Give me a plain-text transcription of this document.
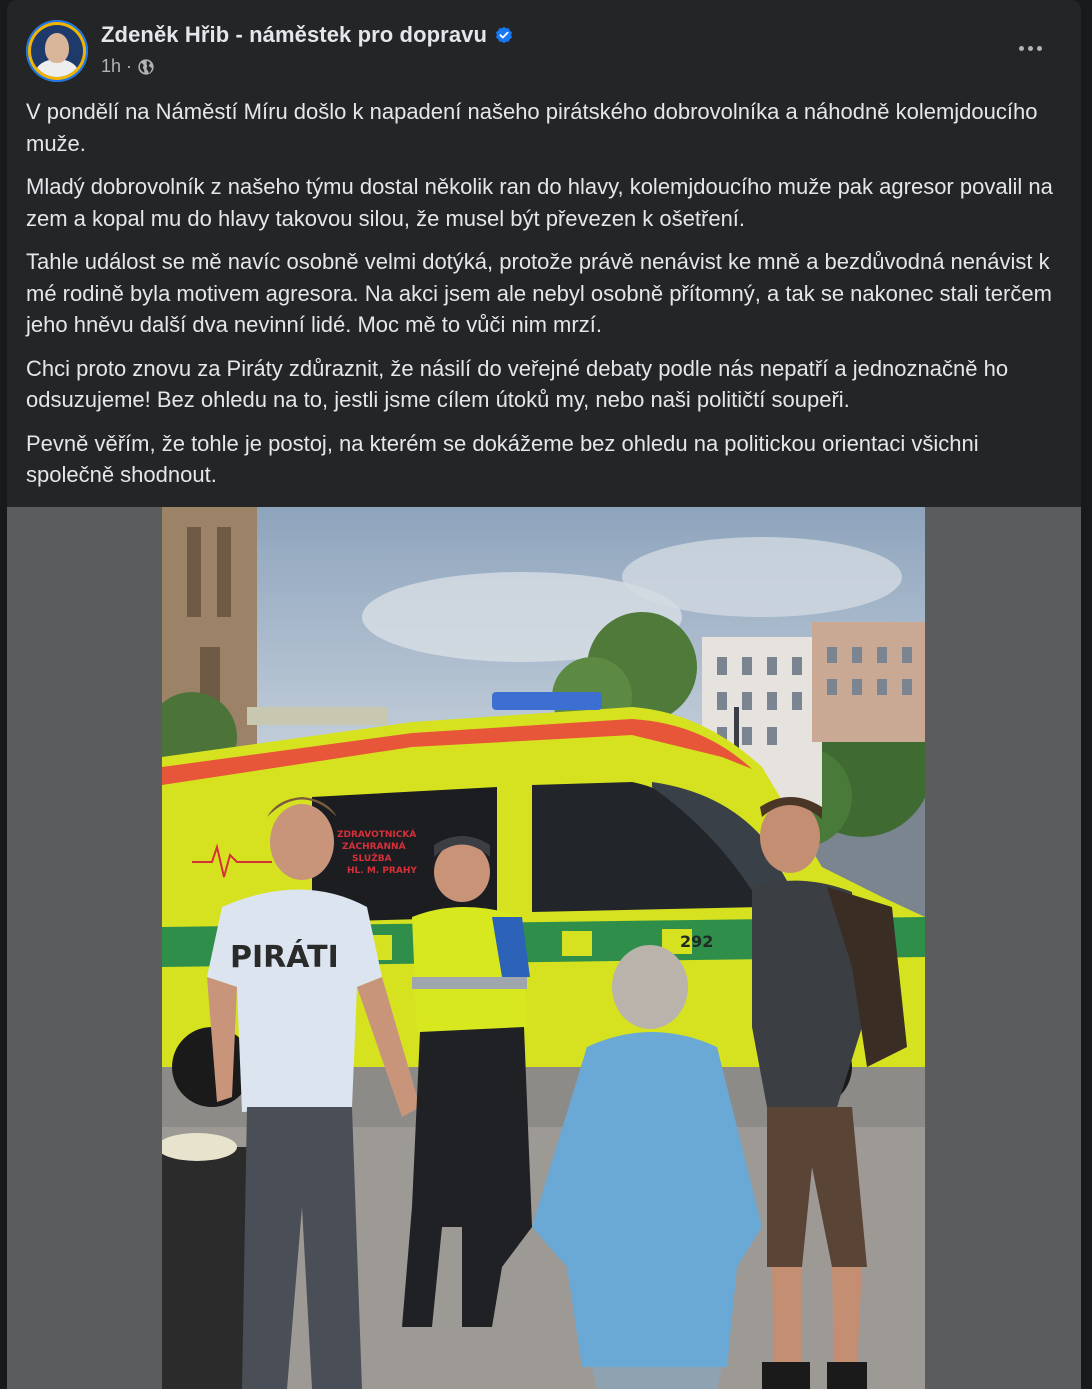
Zdeněk Hřib - náměstek pro dopravu
1h ·

V pondělí na Náměstí Míru došlo k napadení našeho pirátského dobrovolníka a náhodně kolemjdoucího muže.

Mladý dobrovolník z našeho týmu dostal několik ran do hlavy, kolemjdoucího muže pak agresor povalil na zem a kopal mu do hlavy takovou silou, že musel být převezen k ošetření.

Tahle událost se mě navíc osobně velmi dotýká, protože právě nenávist ke mně a bezdůvodná nenávist k mé rodině byla motivem agresora. Na akci jsem ale nebyl osobně přítomný, a tak se nakonec stali terčem jeho hněvu další dva nevinní lidé. Moc mě to vůči nim mrzí.

Chci proto znovu za Piráty zdůraznit, že násilí do veřejné debaty podle nás nepatří a jednoznačně ho odsuzujeme! Bez ohledu na to, jestli jsme cílem útoků my, nebo naši političtí soupeři.

Pevně věřím, že tohle je postoj, na kterém se dokážeme bez ohledu na politickou orientaci všichni společně shodnout.

ZDRAVOTNICKÁ
ZÁCHRANNÁ
SLUŽBA
HL. M. PRAHY
292
PIRÁTI
